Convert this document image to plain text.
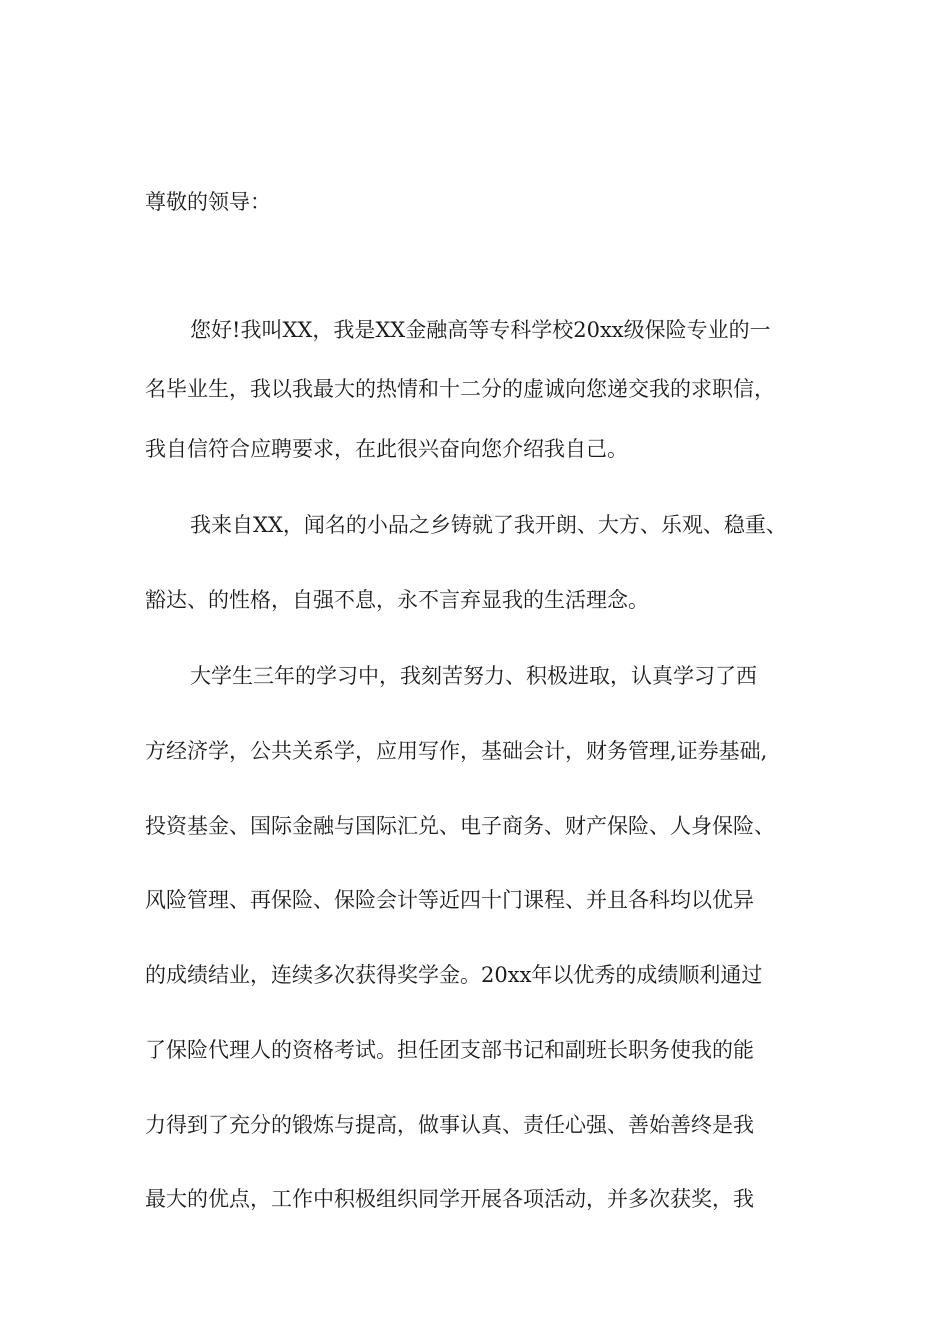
尊敬的领导：
您好!我叫XX，我是XX金融高等专科学校20xx级保险专业的一
名毕业生，我以我最大的热情和十二分的虚诚向您递交我的求职信，
我自信符合应聘要求，在此很兴奋向您介绍我自己。
我来自XX，闻名的小品之乡铸就了我开朗、大方、乐观、稳重、
豁达、的性格，自强不息，永不言弃显我的生活理念。
大学生三年的学习中，我刻苦努力、积极进取，认真学习了西
方经济学，公共关系学，应用写作，基础会计，财务管理,证券基础,
投资基金、国际金融与国际汇兑、电子商务、财产保险、人身保险、
风险管理、再保险、保险会计等近四十门课程、并且各科均以优异
的成绩结业，连续多次获得奖学金。20xx年以优秀的成绩顺利通过
了保险代理人的资格考试。担任团支部书记和副班长职务使我的能
力得到了充分的锻炼与提高，做事认真、责任心强、善始善终是我
最大的优点，工作中积极组织同学开展各项活动，并多次获奖，我
